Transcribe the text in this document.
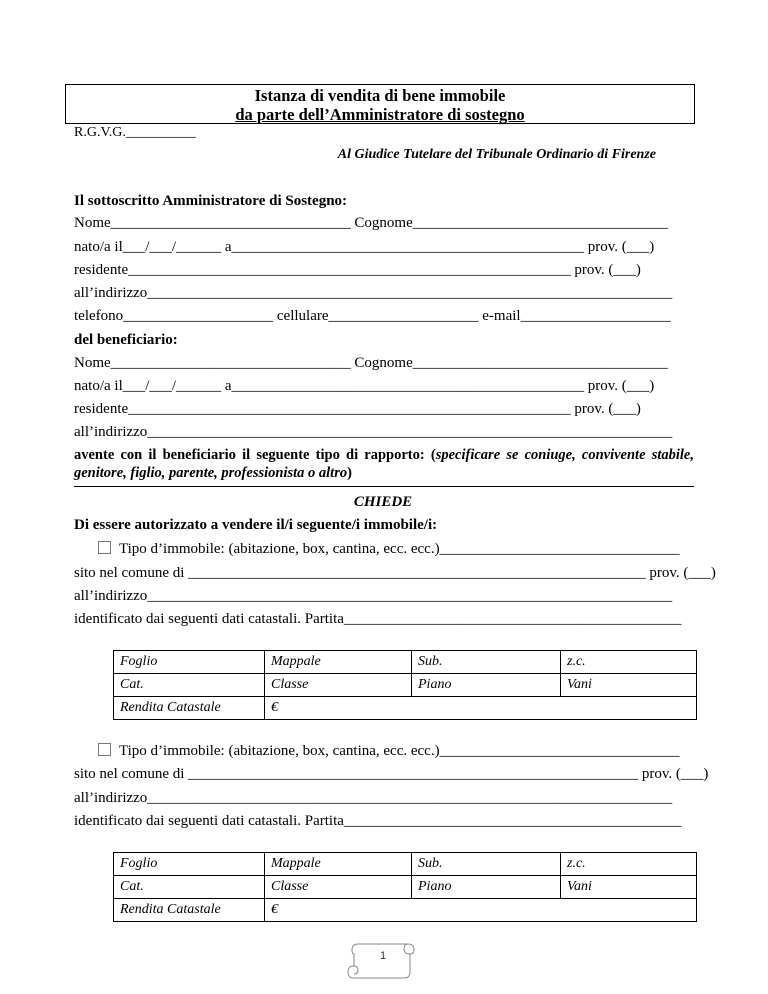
Istanza di vendita di bene immobile
da parte dell’Amministratore di sostegno
R.G.V.G.__________
Al Giudice Tutelare del Tribunale Ordinario di Firenze
Il sottoscritto Amministratore di Sostegno:
Nome________________________________ Cognome__________________________________
nato/a il___/___/______ a_______________________________________________ prov. (___)
residente___________________________________________________________ prov. (___)
all’indirizzo______________________________________________________________________
telefono____________________ cellulare____________________ e-mail____________________
del beneficiario:
Nome________________________________ Cognome__________________________________
nato/a il___/___/______ a_______________________________________________ prov. (___)
residente___________________________________________________________ prov. (___)
all’indirizzo______________________________________________________________________
avente con il beneficiario il seguente tipo di rapporto: (specificare se coniuge, convivente stabile, genitore, figlio, parente, professionista o altro)
CHIEDE
Di essere autorizzato a vendere il/i seguente/i immobile/i:
Tipo d’immobile: (abitazione, box, cantina, ecc. ecc.)________________________________
sito nel comune di _____________________________________________________________ prov. (___)
all’indirizzo______________________________________________________________________
identificato dai seguenti dati catastali. Partita_____________________________________________
Foglio	Mappale	Sub.	z.c.
Cat.	Classe	Piano	Vani
Rendita Catastale	€		
Tipo d’immobile: (abitazione, box, cantina, ecc. ecc.)________________________________
sito nel comune di ____________________________________________________________ prov. (___)
all’indirizzo______________________________________________________________________
identificato dai seguenti dati catastali. Partita_____________________________________________
Foglio	Mappale	Sub.	z.c.
Cat.	Classe	Piano	Vani
Rendita Catastale	€		
1
